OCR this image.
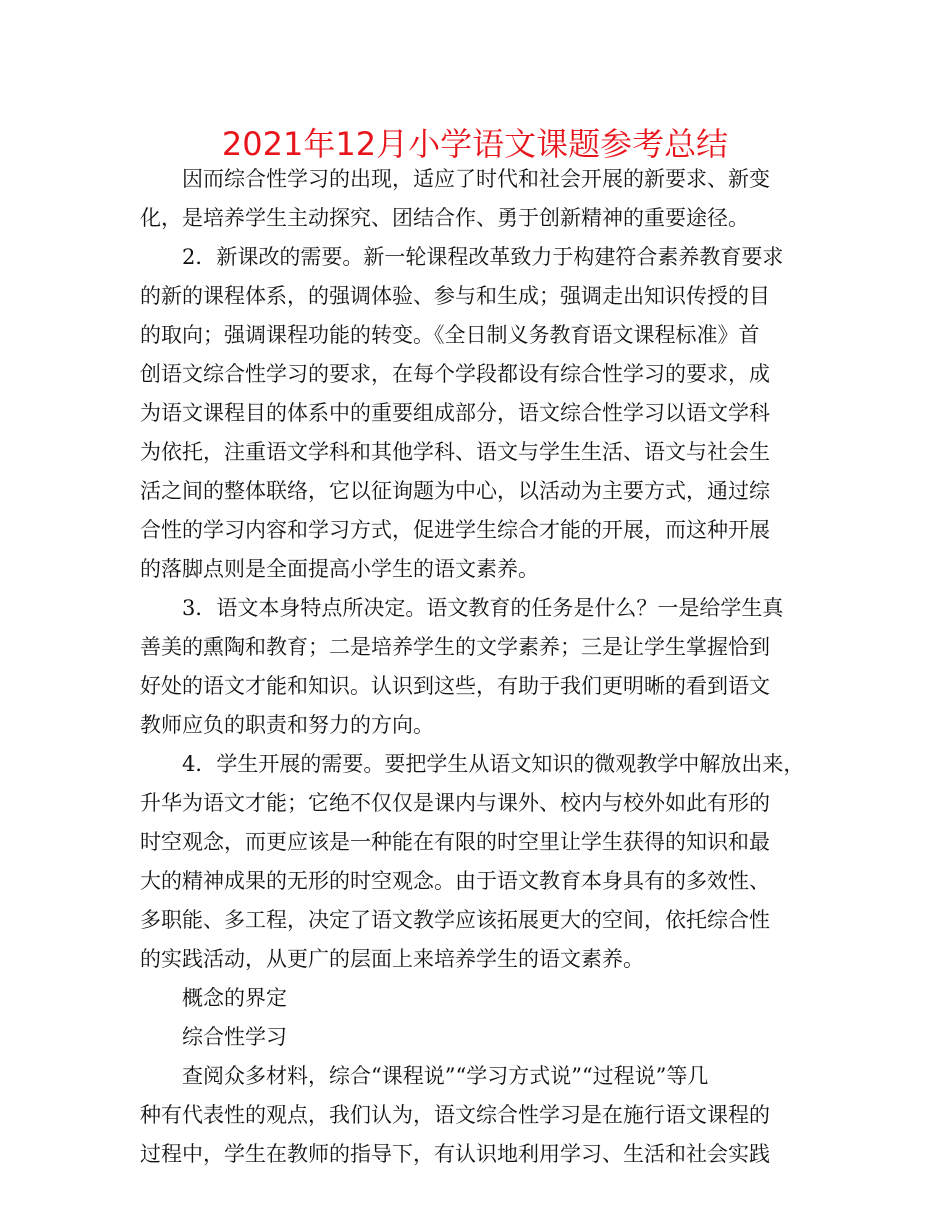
2021年12月小学语文课题参考总结
因而综合性学习的出现，适应了时代和社会开展的新要求、新变
化，是培养学生主动探究、团结合作、勇于创新精神的重要途径。
2．新课改的需要。新一轮课程改革致力于构建符合素养教育要求
的新的课程体系，的强调体验、参与和生成；强调走出知识传授的目
的取向；强调课程功能的转变。《全日制义务教育语文课程标准》首
创语文综合性学习的要求，在每个学段都设有综合性学习的要求，成
为语文课程目的体系中的重要组成部分，语文综合性学习以语文学科
为依托，注重语文学科和其他学科、语文与学生生活、语文与社会生
活之间的整体联络，它以征询题为中心，以活动为主要方式，通过综
合性的学习内容和学习方式，促进学生综合才能的开展，而这种开展
的落脚点则是全面提高小学生的语文素养。
3．语文本身特点所决定。语文教育的任务是什么？一是给学生真
善美的熏陶和教育；二是培养学生的文学素养；三是让学生掌握恰到
好处的语文才能和知识。认识到这些，有助于我们更明晰的看到语文
教师应负的职责和努力的方向。
4．学生开展的需要。要把学生从语文知识的微观教学中解放出来，
升华为语文才能；它绝不仅仅是课内与课外、校内与校外如此有形的
时空观念，而更应该是一种能在有限的时空里让学生获得的知识和最
大的精神成果的无形的时空观念。由于语文教育本身具有的多效性、
多职能、多工程，决定了语文教学应该拓展更大的空间，依托综合性
的实践活动，从更广的层面上来培养学生的语文素养。
概念的界定
综合性学习
查阅众多材料，综合“课程说”“学习方式说”“过程说”等几
种有代表性的观点，我们认为，语文综合性学习是在施行语文课程的
过程中，学生在教师的指导下，有认识地利用学习、生活和社会实践
